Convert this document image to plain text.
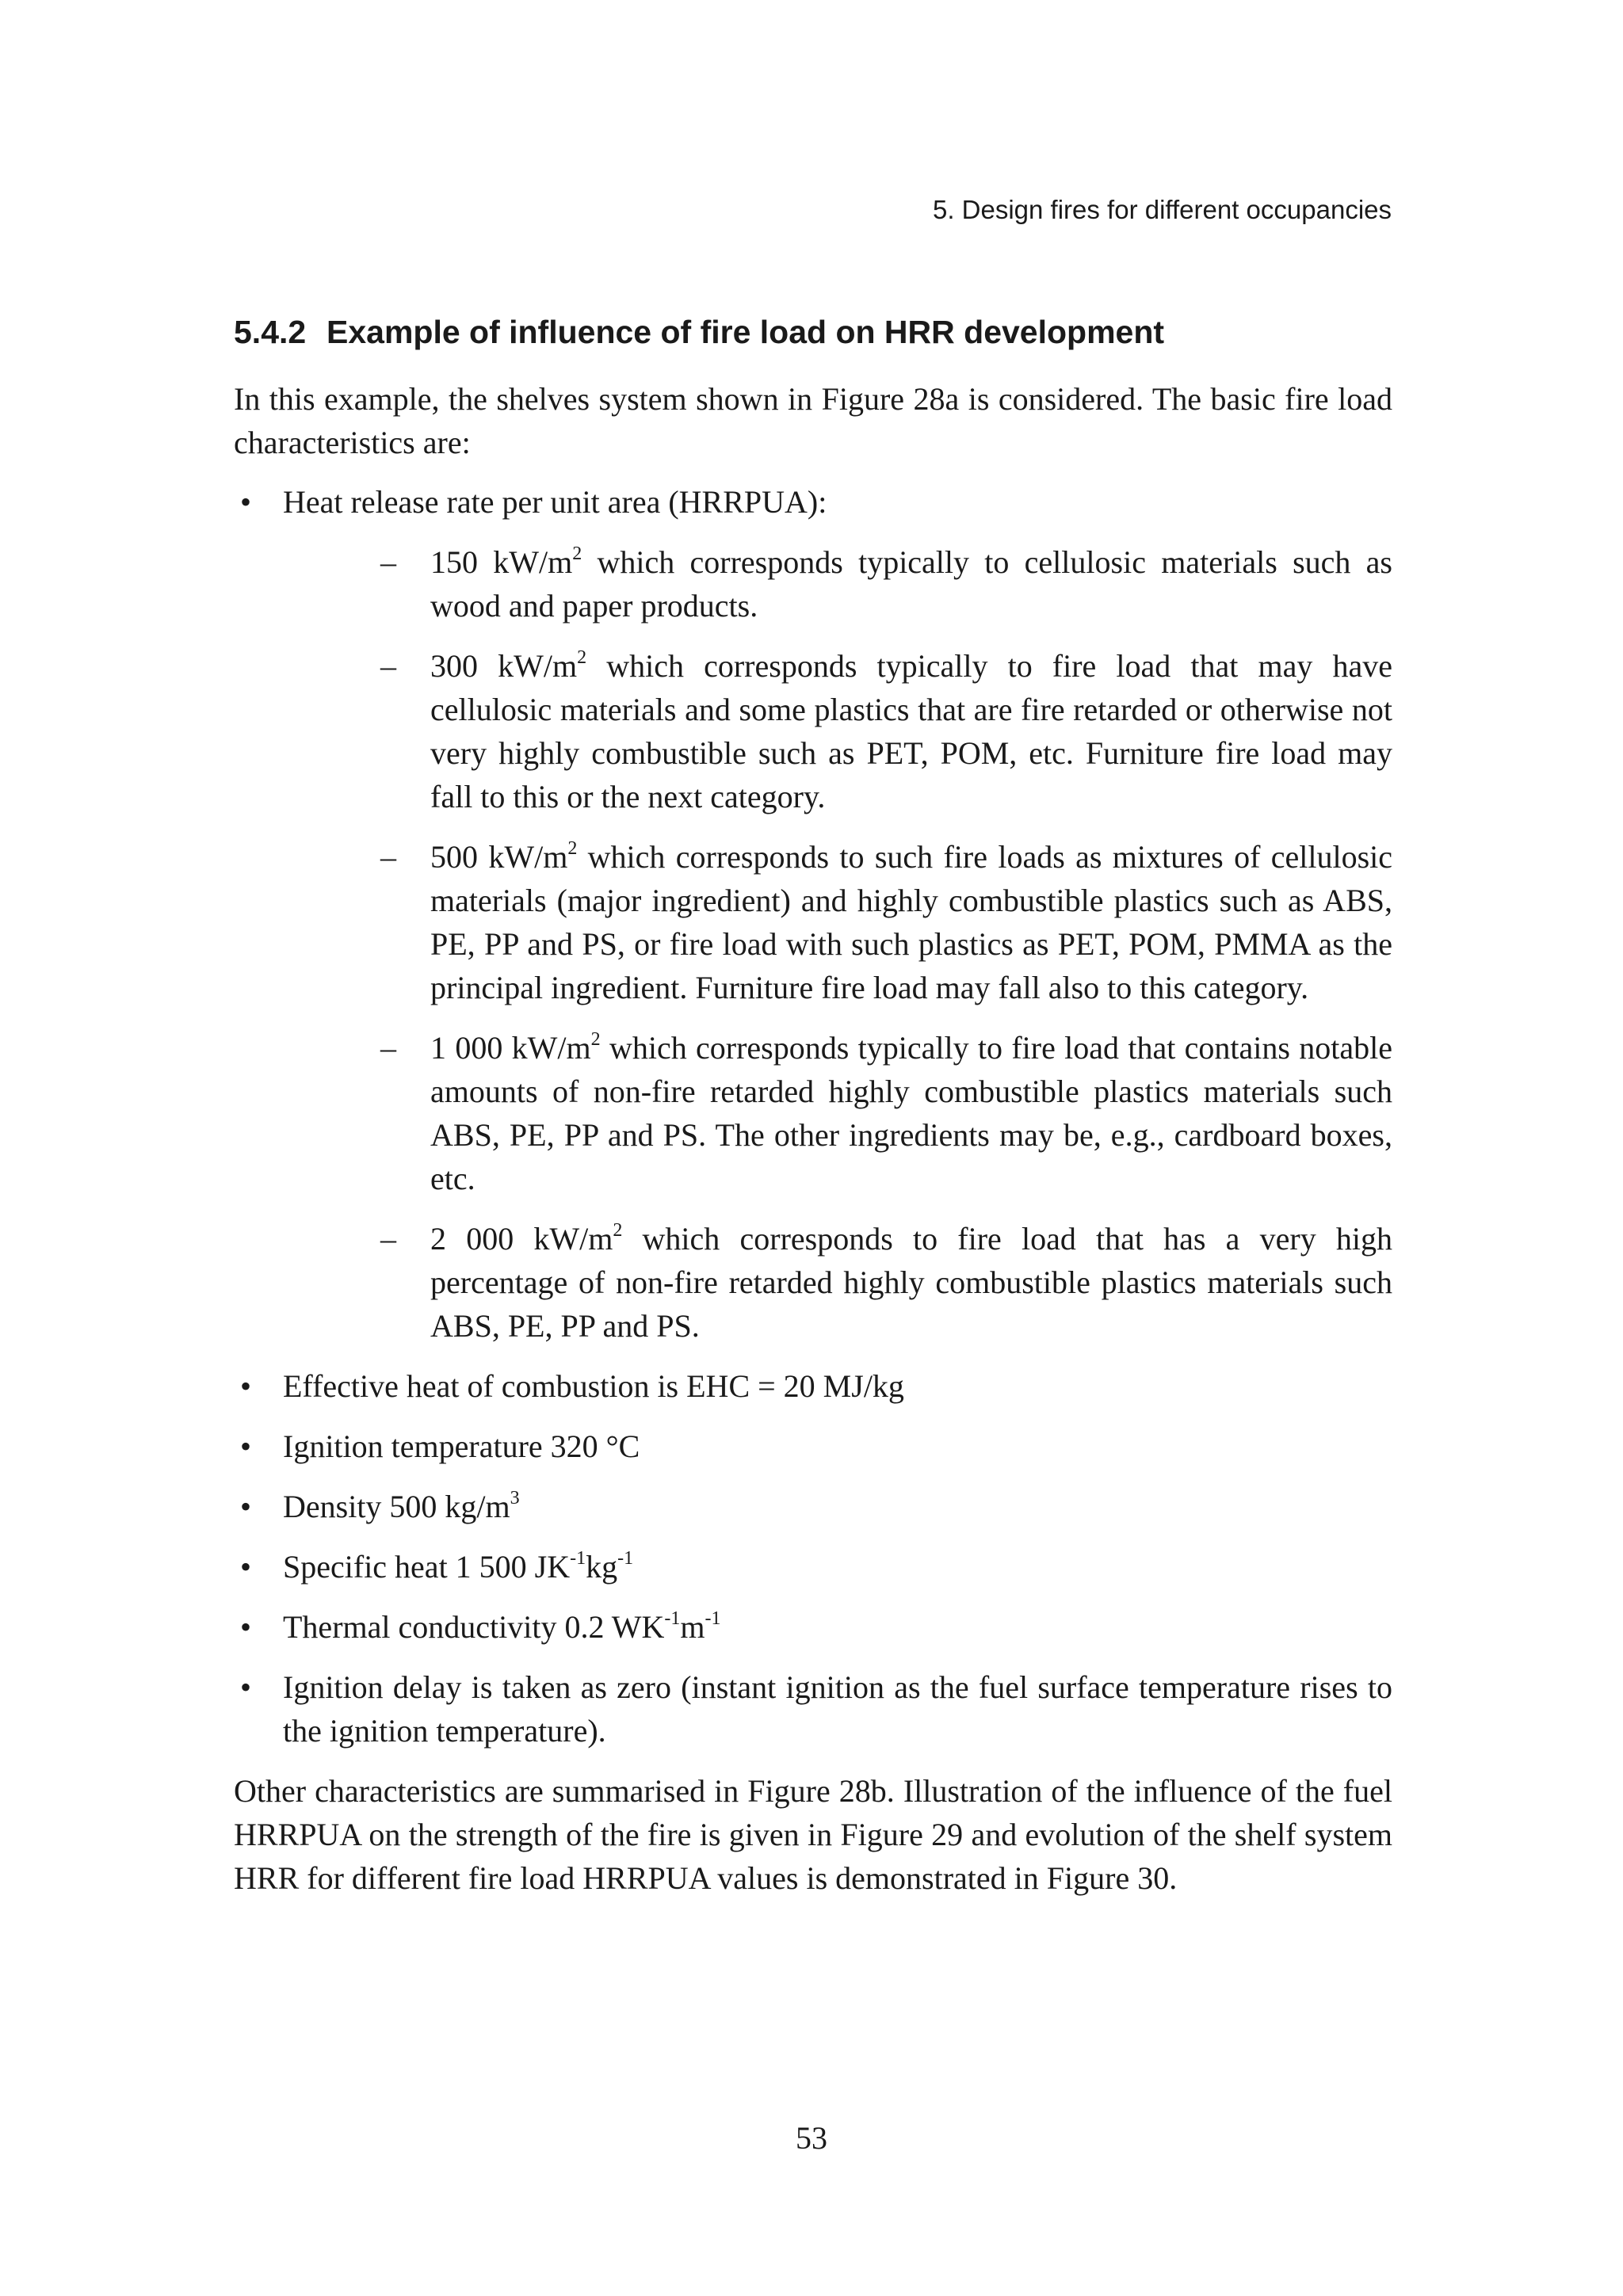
5. Design fires for different occupancies
5.4.2 Example of influence of fire load on HRR development

In this example, the shelves system shown in Figure 28a is considered. The basic fire load characteristics are:

• Heat release rate per unit area (HRRPUA):
– 150 $kW/m^2$ which corresponds typically to cellulosic materials such as wood and paper products.
– 300 $kW/m^2$ which corresponds typically to fire load that may have cellulosic materials and some plastics that are fire retarded or otherwise not very highly combustible such as PET, POM, etc. Furniture fire load may fall to this or the next category.
– 500 $kW/m^2$ which corresponds to such fire loads as mixtures of cellulosic materials (major ingredient) and highly combustible plastics such as ABS, PE, PP and PS, or fire load with such plastics as PET, POM, PMMA as the principal ingredient. Furniture fire load may fall also to this category.
– 1 000 $kW/m^2$ which corresponds typically to fire load that contains notable amounts of non-fire retarded highly combustible plastics materials such ABS, PE, PP and PS. The other ingredients may be, e.g., cardboard boxes, etc.
– 2 000 $kW/m^2$ which corresponds to fire load that has a very high percentage of non-fire retarded highly combustible plastics materials such ABS, PE, PP and PS.
• Effective heat of combustion is EHC = 20 MJ/kg
• Ignition temperature 320 °C
• Density 500 $kg/m^3$
• Specific heat 1 500 $JK^{-1}kg^{-1}$
• Thermal conductivity 0.2 $WK^{-1}m^{-1}$
• Ignition delay is taken as zero (instant ignition as the fuel surface temperature rises to the ignition temperature).

Other characteristics are summarised in Figure 28b. Illustration of the influence of the fuel HRRPUA on the strength of the fire is given in Figure 29 and evolution of the shelf system HRR for different fire load HRRPUA values is demonstrated in Figure 30.

53
